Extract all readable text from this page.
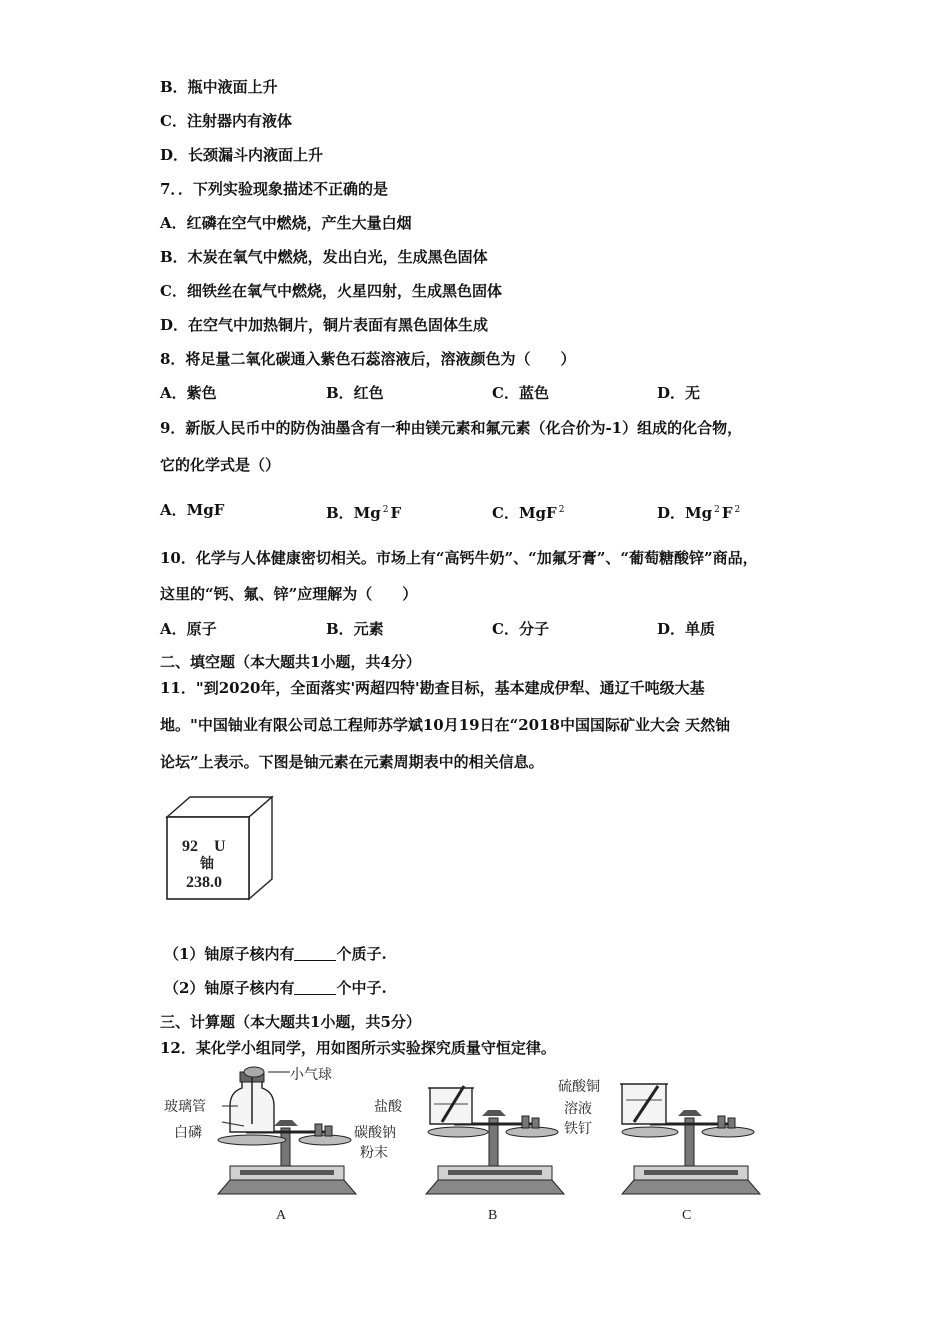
B．瓶中液面上升
C．注射器内有液体
D．长颈漏斗内液面上升
7．．下列实验现象描述不正确的是
A．红磷在空气中燃烧，产生大量白烟
B．木炭在氧气中燃烧，发出白光，生成黑色固体
C．细铁丝在氧气中燃烧，火星四射，生成黑色固体
D．在空气中加热铜片，铜片表面有黑色固体生成
8．将足量二氧化碳通入紫色石蕊溶液后，溶液颜色为（　　）
A．紫色	B．红色	C．蓝色	D．无
9．新版人民币中的防伪油墨含有一种由镁元素和氟元素（化合价为-1）组成的化合物，
它的化学式是（）
A．MgF	B．Mg $^2$ F	C．MgF $^2$	D．Mg $^2$ F $^2$
10．化学与人体健康密切相关。市场上有“高钙牛奶”、“加氟牙膏”、“葡萄糖酸锌”商品，
这里的“钙、氟、锌”应理解为（　　）
A．原子	B．元素	C．分子	D．单质
二、填空题（本大题共1小题，共4分）
11．"到2020年，全面落实'两超四特'勘查目标，基本建成伊犁、通辽千吨级大基
地。"中国铀业有限公司总工程师苏学斌10月19日在“2018中国国际矿业大会 天然铀
论坛”上表示。下图是铀元素在元素周期表中的相关信息。
92 U
铀
238.0
（1）铀原子核内有	个质子.
（2）铀原子核内有	个中子.
三、计算题（本大题共1小题，共5分）
12．某化学小组同学，用如图所示实验探究质量守恒定律。
小气球
玻璃管
白磷
A
盐酸
碳酸钠
粉末
B
硫酸铜
溶液
铁钉
C
